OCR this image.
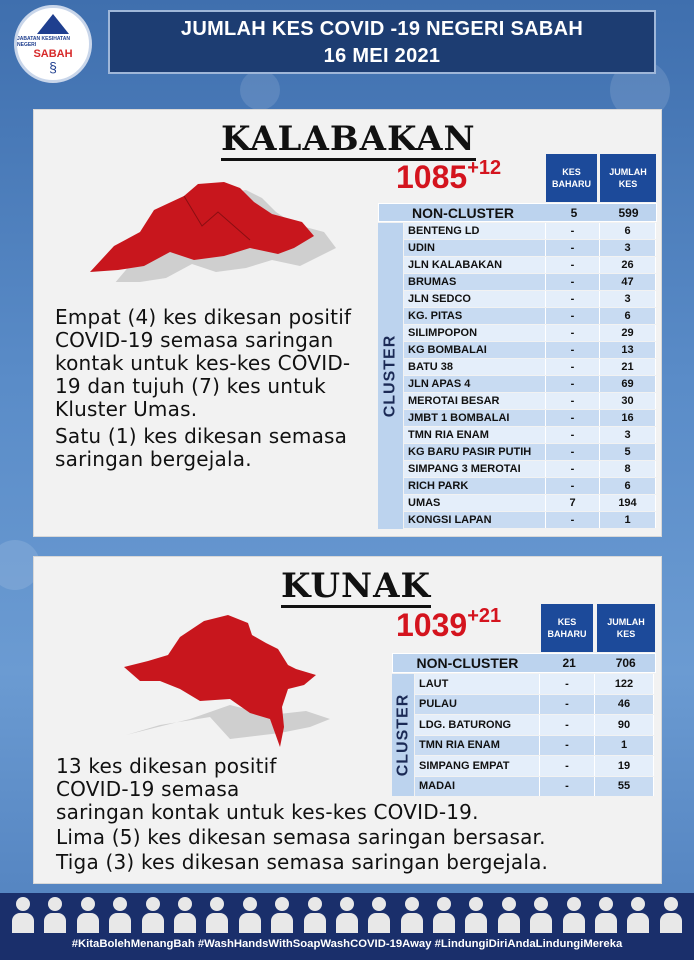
JABATAN KESIHATAN NEGERI
SABAH
§
JUMLAH KES COVID -19 NEGERI SABAH
16 MEI 2021
KALABAKAN

Empat (4) kes dikesan positif COVID-19 semasa saringan kontak untuk kes-kes COVID-19 dan tujuh (7) kes untuk Kluster Umas.

Satu (1) kes dikesan semasa saringan bergejala.

$1085^{+12}$	KES BAHARU
JUMLAH KES
NON-CLUSTER	5	599
CLUSTER
BENTENG LD	-	6
UDIN	-	3
JLN KALABAKAN	-	26
BRUMAS	-	47
JLN SEDCO	-	3
KG. PITAS	-	6
SILIMPOPON	-	29
KG BOMBALAI	-	13
BATU 38	-	21
JLN APAS 4	-	69
MEROTAI BESAR	-	30
JMBT 1 BOMBALAI	-	16
TMN RIA ENAM	-	3
KG BARU PASIR PUTIH	-	5
SIMPANG 3 MEROTAI	-	8
RICH PARK	-	6
UMAS	7	194
KONGSI LAPAN	-	1
KUNAK
$1039^{+21}$	KES BAHARU
JUMLAH KES
NON-CLUSTER	21	706
CLUSTER
LAUT	-	122
PULAU	-	46
LDG. BATURONG	-	90
TMN RIA ENAM	-	1
SIMPANG EMPAT	-	19
MADAI	-	55

13 kes dikesan positif

COVID-19 semasa

saringan kontak untuk kes-kes COVID-19.

Lima (5) kes dikesan semasa saringan bersasar.

Tiga (3) kes dikesan semasa saringan bergejala.

#KitaBolehMenangBah #WashHandsWithSoapWashCOVID-19Away #LindungiDiriAndaLindungiMereka
